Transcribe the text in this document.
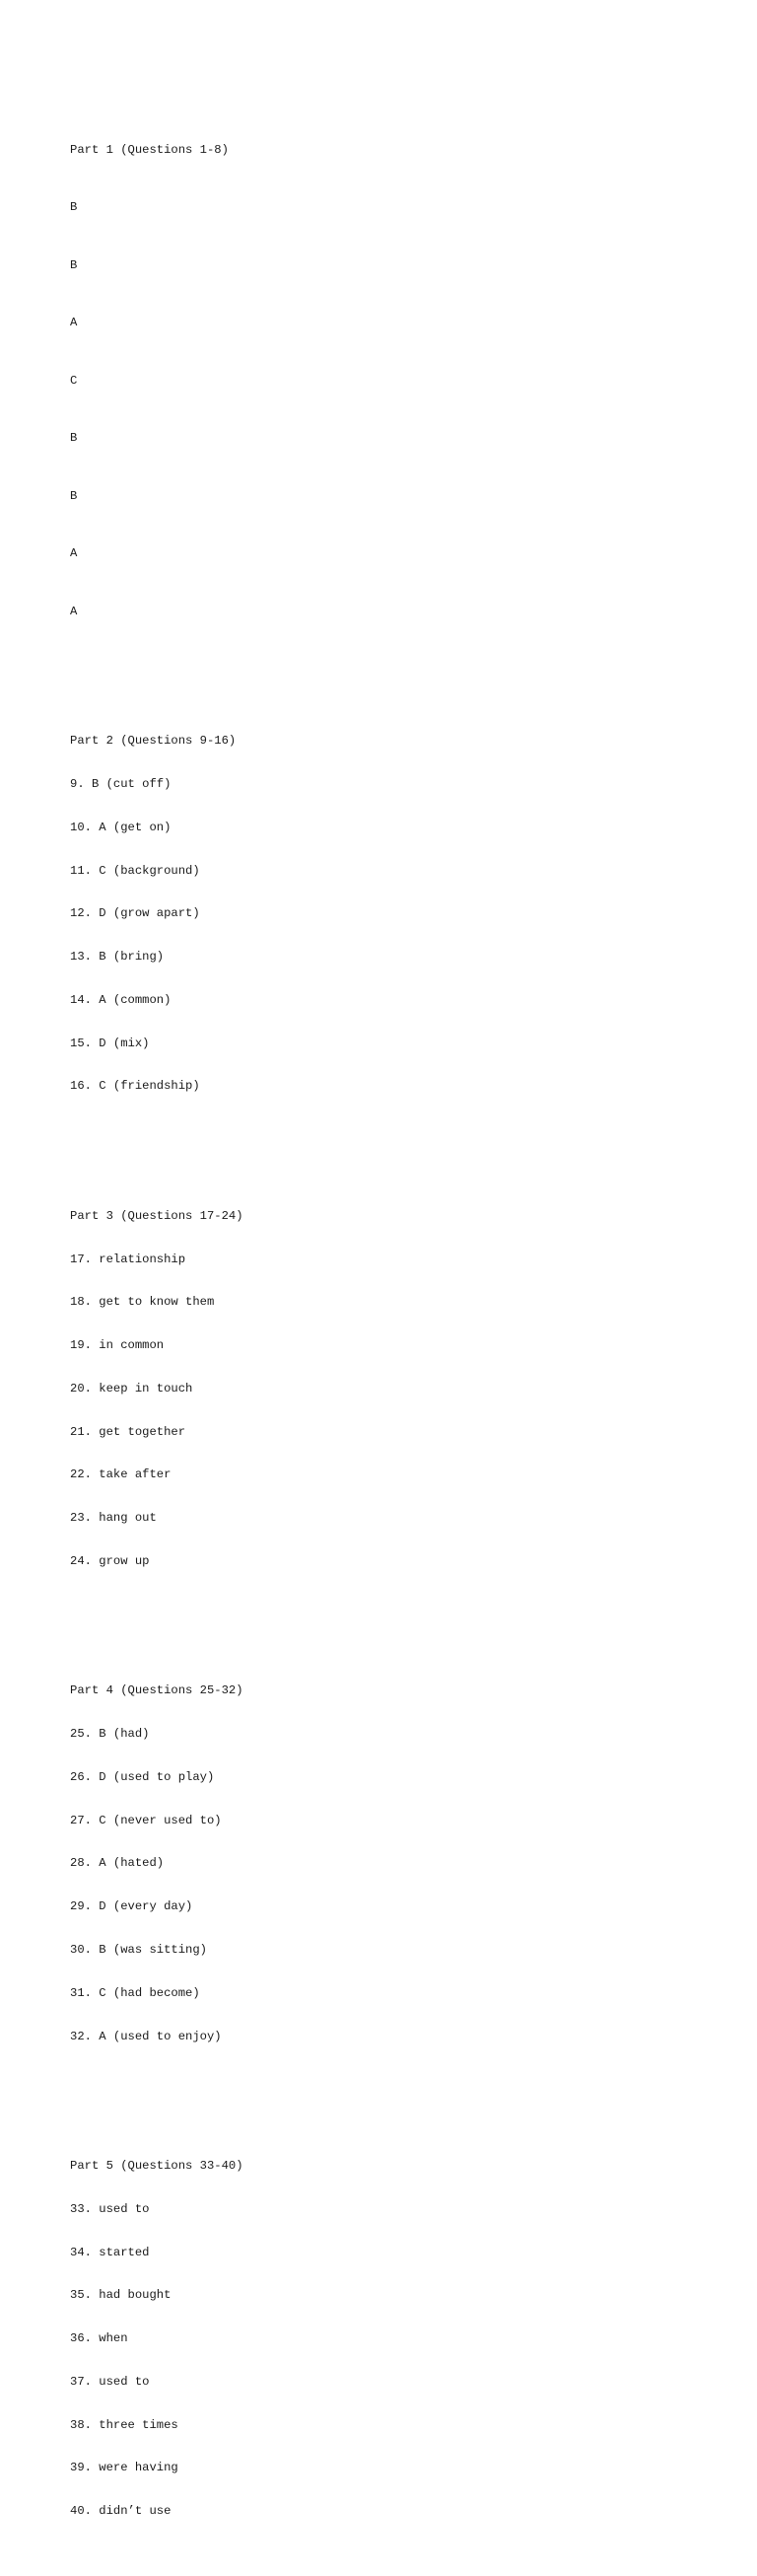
Part 1 (Questions 1-8)

B

B

A

C

B

B

A

A

Part 2 (Questions 9-16)

9. B (cut off)

10. A (get on)

11. C (background)

12. D (grow apart)

13. B (bring)

14. A (common)

15. D (mix)

16. C (friendship)

Part 3 (Questions 17-24)

17. relationship

18. get to know them

19. in common

20. keep in touch

21. get together

22. take after

23. hang out

24. grow up

Part 4 (Questions 25-32)

25. B (had)

26. D (used to play)

27. C (never used to)

28. A (hated)

29. D (every day)

30. B (was sitting)

31. C (had become)

32. A (used to enjoy)

Part 5 (Questions 33-40)

33. used to

34. started

35. had bought

36. when

37. used to

38. three times

39. were having

40. didn’t use
